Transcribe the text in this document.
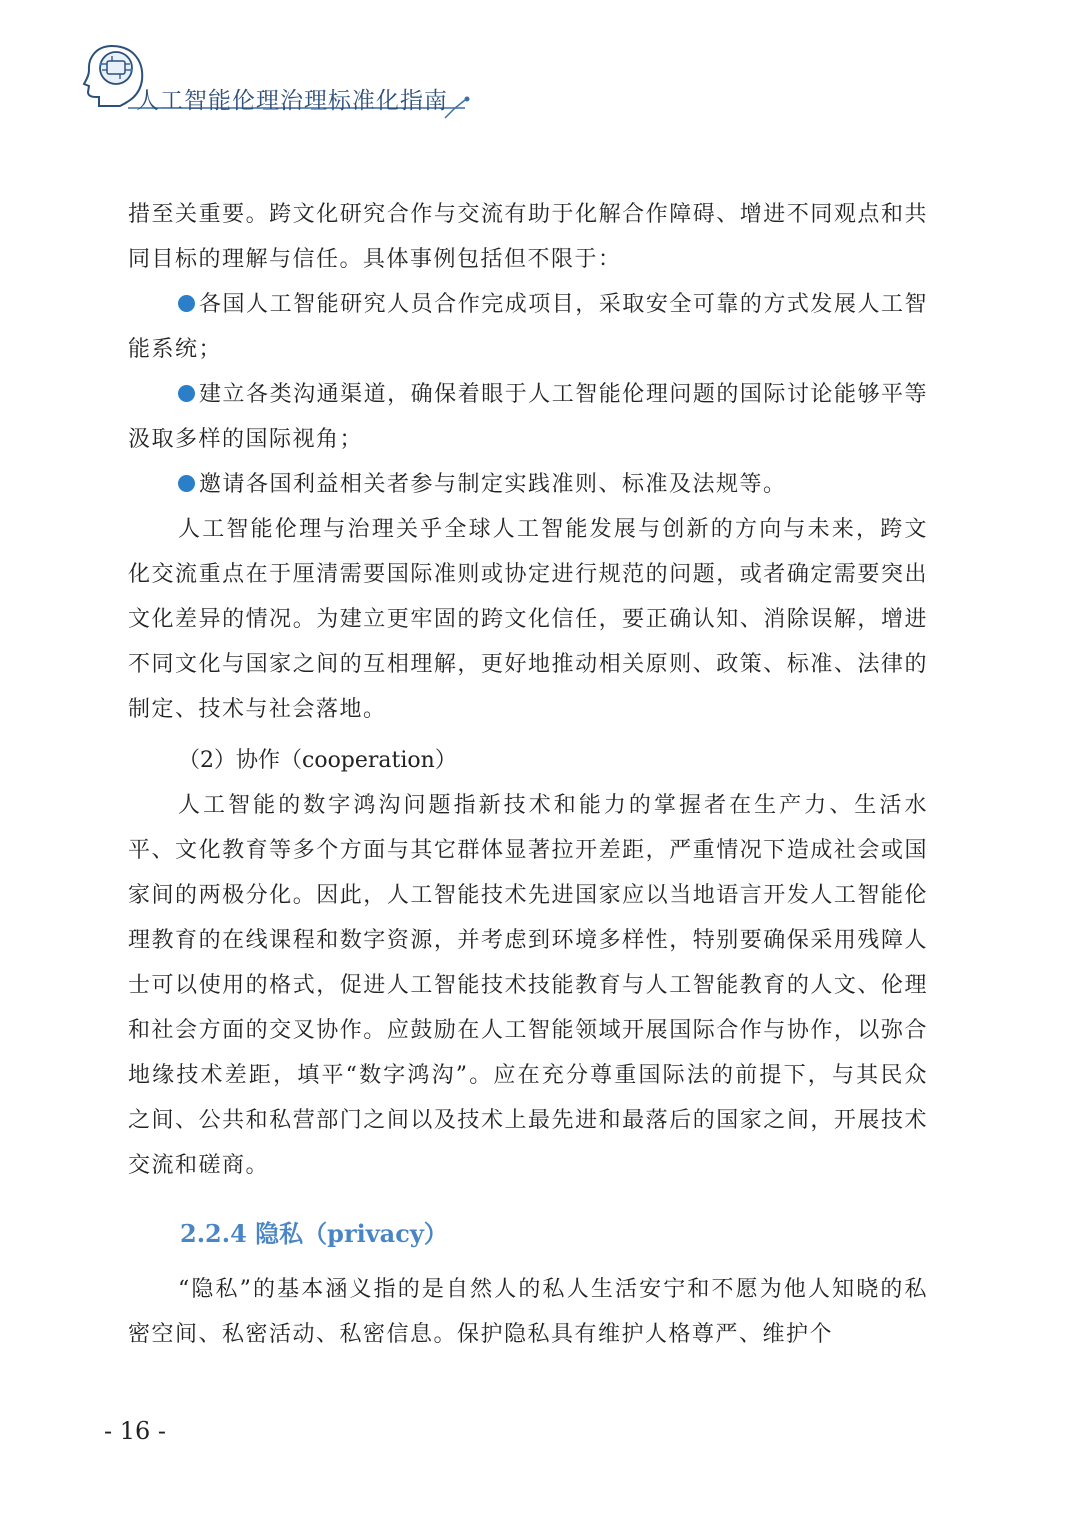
人工智能伦理治理标准化指南

措至关重要。跨文化研究合作与交流有助于化解合作障碍、增进不同观点和共同目标的理解与信任。具体事例包括但不限于：

各国人工智能研究人员合作完成项目，采取安全可靠的方式发展人工智能系统；

建立各类沟通渠道，确保着眼于人工智能伦理问题的国际讨论能够平等汲取多样的国际视角；

邀请各国利益相关者参与制定实践准则、标准及法规等。

人工智能伦理与治理关乎全球人工智能发展与创新的方向与未来，跨文化交流重点在于厘清需要国际准则或协定进行规范的问题，或者确定需要突出文化差异的情况。为建立更牢固的跨文化信任，要正确认知、消除误解，增进不同文化与国家之间的互相理解，更好地推动相关原则、政策、标准、法律的制定、技术与社会落地。

（2）协作（cooperation）

人工智能的数字鸿沟问题指新技术和能力的掌握者在生产力、生活水平、文化教育等多个方面与其它群体显著拉开差距，严重情况下造成社会或国家间的两极分化。因此，人工智能技术先进国家应以当地语言开发人工智能伦理教育的在线课程和数字资源，并考虑到环境多样性，特别要确保采用残障人士可以使用的格式，促进人工智能技术技能教育与人工智能教育的人文、伦理和社会方面的交叉协作。应鼓励在人工智能领域开展国际合作与协作，以弥合地缘技术差距，填平“数字鸿沟”。应在充分尊重国际法的前提下，与其民众之间、公共和私营部门之间以及技术上最先进和最落后的国家之间，开展技术交流和磋商。

2.2.4 隐私（privacy）

“隐私”的基本涵义指的是自然人的私人生活安宁和不愿为他人知晓的私密空间、私密活动、私密信息。保护隐私具有维护人格尊严、维护个

- 16 -
